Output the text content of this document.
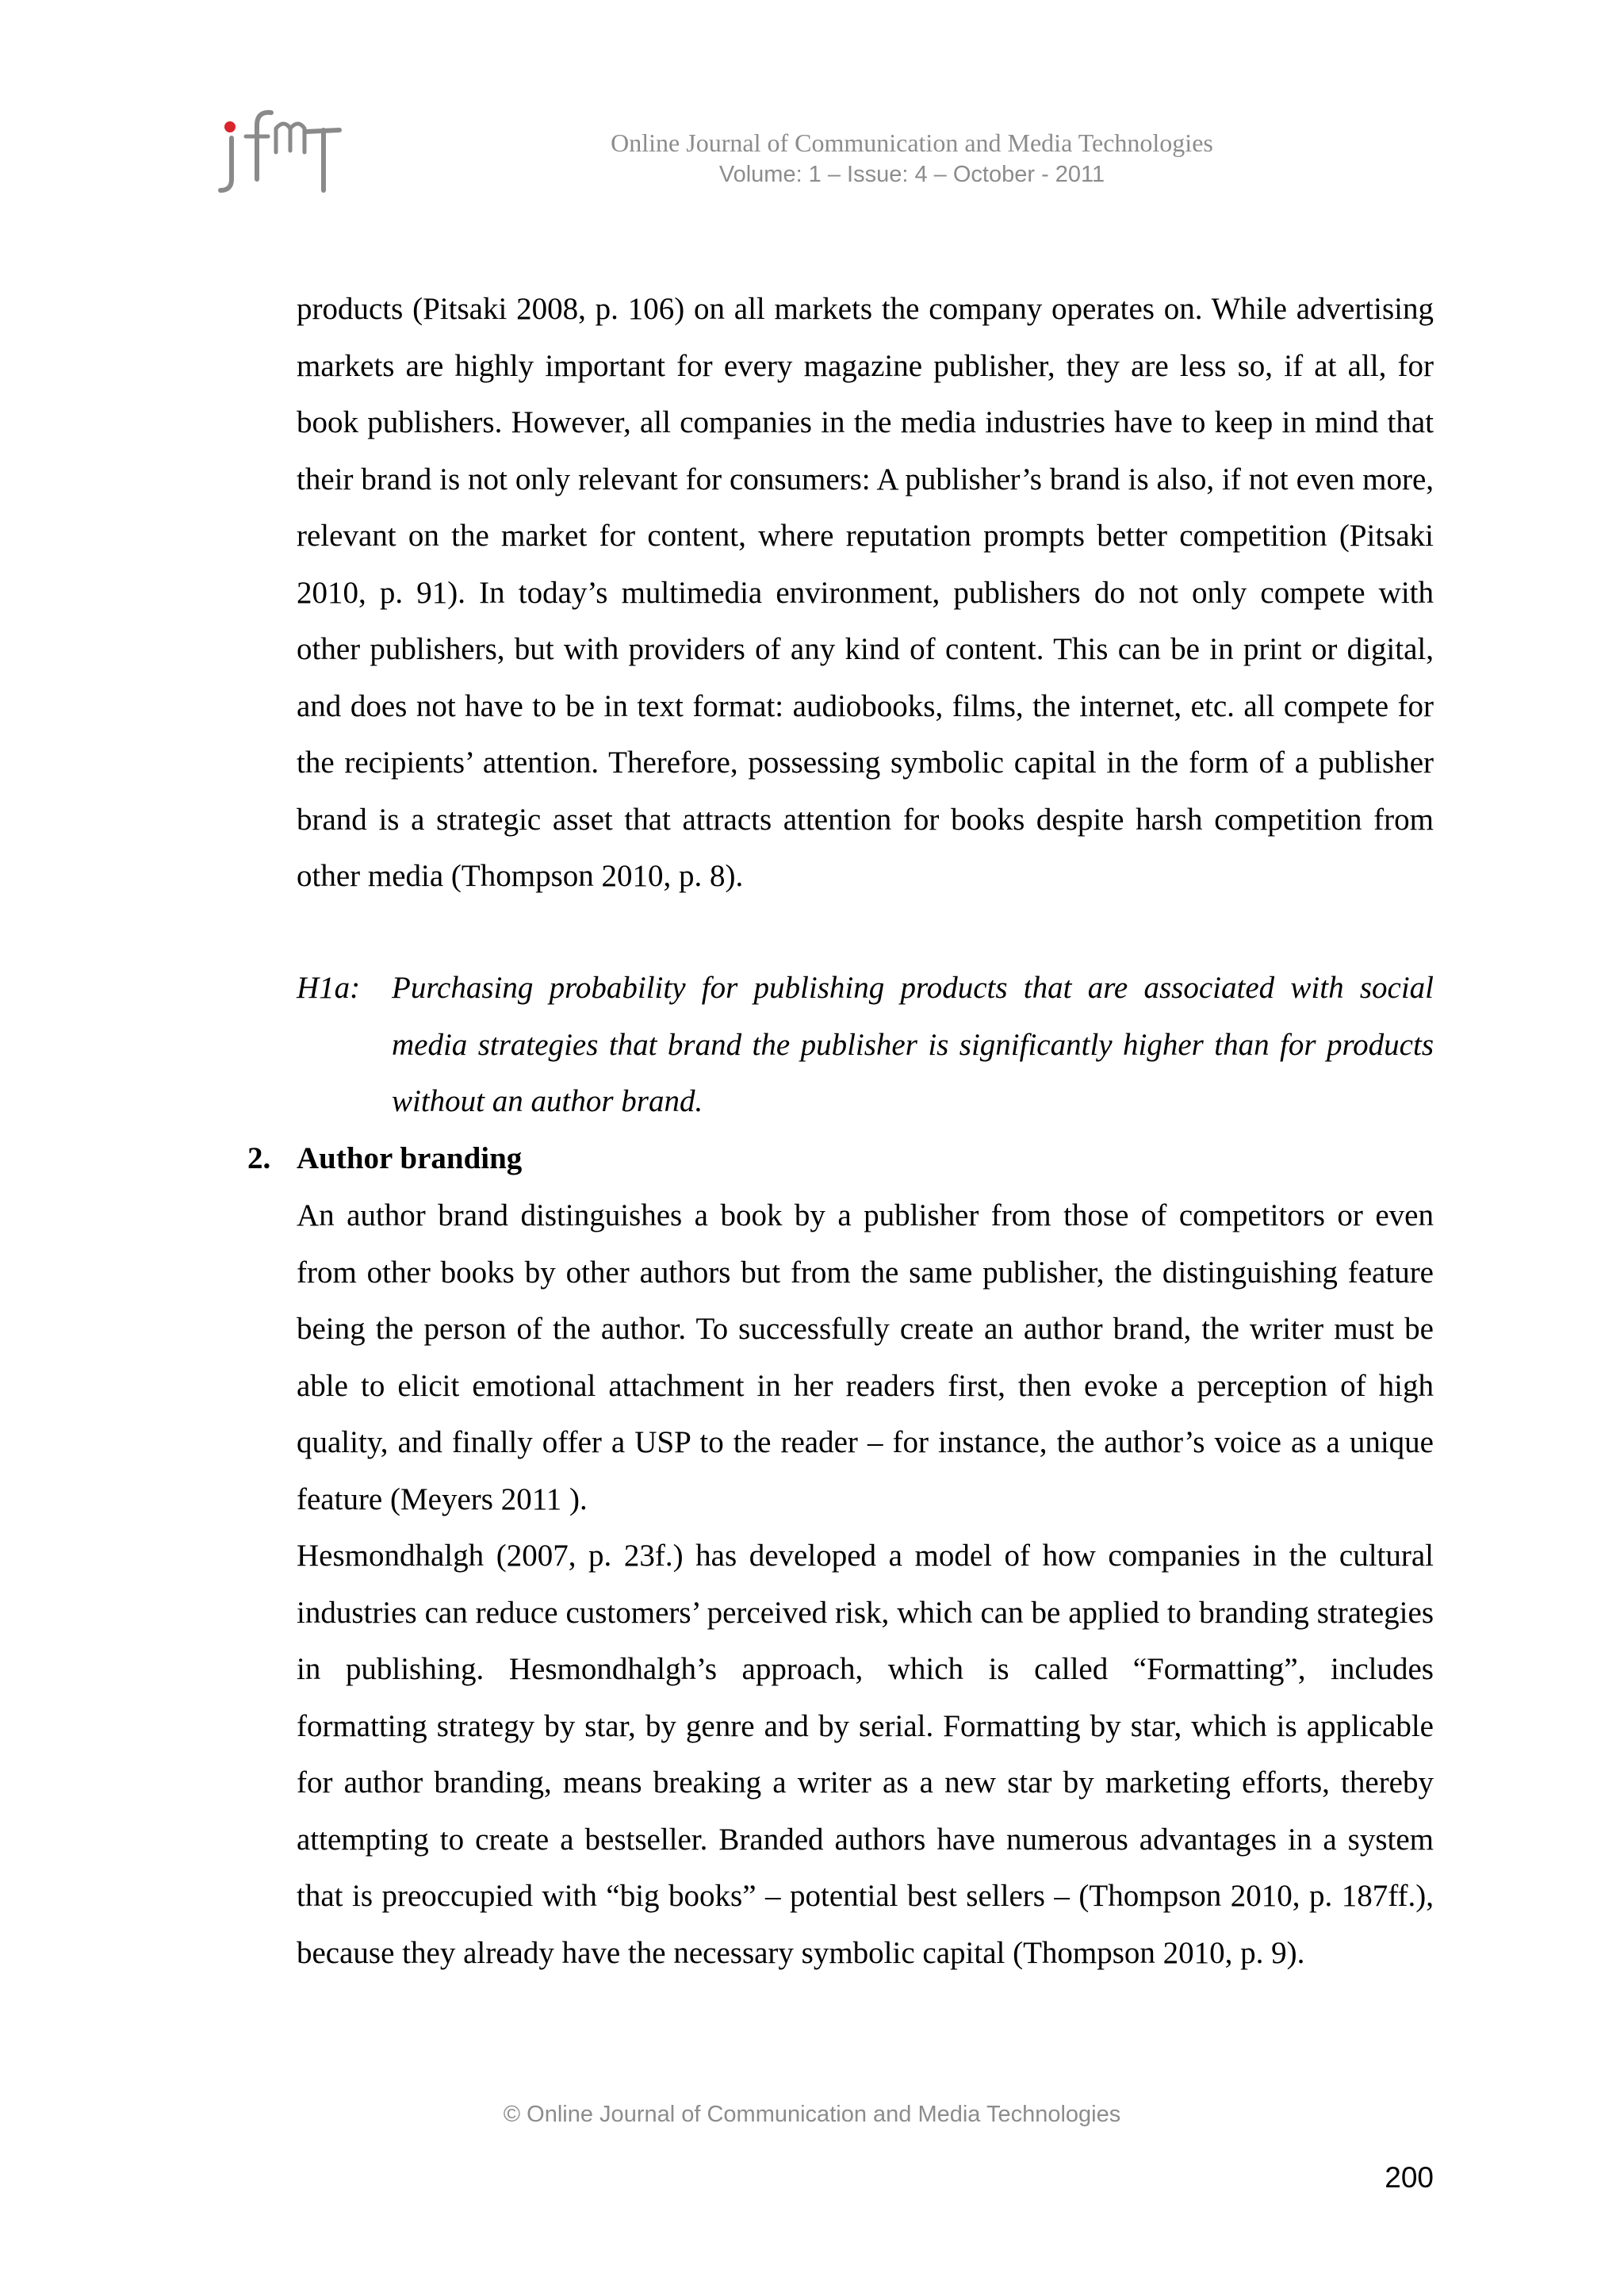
Online Journal of Communication and Media Technologies
Volume: 1 – Issue: 4 – October - 2011

products (Pitsaki 2008, p. 106) on all markets the company operates on. While advertising markets are highly important for every magazine publisher, they are less so, if at all, for book publishers. However, all companies in the media industries have to keep in mind that their brand is not only relevant for consumers: A publisher’s brand is also, if not even more, relevant on the market for content, where reputation prompts better competition (Pitsaki 2010, p. 91). In today’s multimedia environment, publishers do not only compete with other publishers, but with providers of any kind of content. This can be in print or digital, and does not have to be in text format: audiobooks, films, the internet, etc. all compete for the recipients’ attention. Therefore, possessing symbolic capital in the form of a publisher brand is a strategic asset that attracts attention for books despite harsh competition from other media (Thompson 2010, p. 8).

H1a: Purchasing probability for publishing products that are associated with social media strategies that brand the publisher is significantly higher than for products without an author brand.
2. Author branding

An author brand distinguishes a book by a publisher from those of competitors or even from other books by other authors but from the same publisher, the distinguishing feature being the person of the author. To successfully create an author brand, the writer must be able to elicit emotional attachment in her readers first, then evoke a perception of high quality, and finally offer a USP to the reader – for instance, the author’s voice as a unique feature (Meyers 2011 ).

Hesmondhalgh (2007, p. 23f.) has developed a model of how companies in the cultural industries can reduce customers’ perceived risk, which can be applied to branding strategies in publishing. Hesmondhalgh’s approach, which is called “Formatting”, includes formatting strategy by star, by genre and by serial. Formatting by star, which is applicable for author branding, means breaking a writer as a new star by marketing efforts, thereby attempting to create a bestseller. Branded authors have numerous advantages in a system that is preoccupied with “big books” – potential best sellers – (Thompson 2010, p. 187ff.), because they already have the necessary symbolic capital (Thompson 2010, p. 9).

© Online Journal of Communication and Media Technologies
200
